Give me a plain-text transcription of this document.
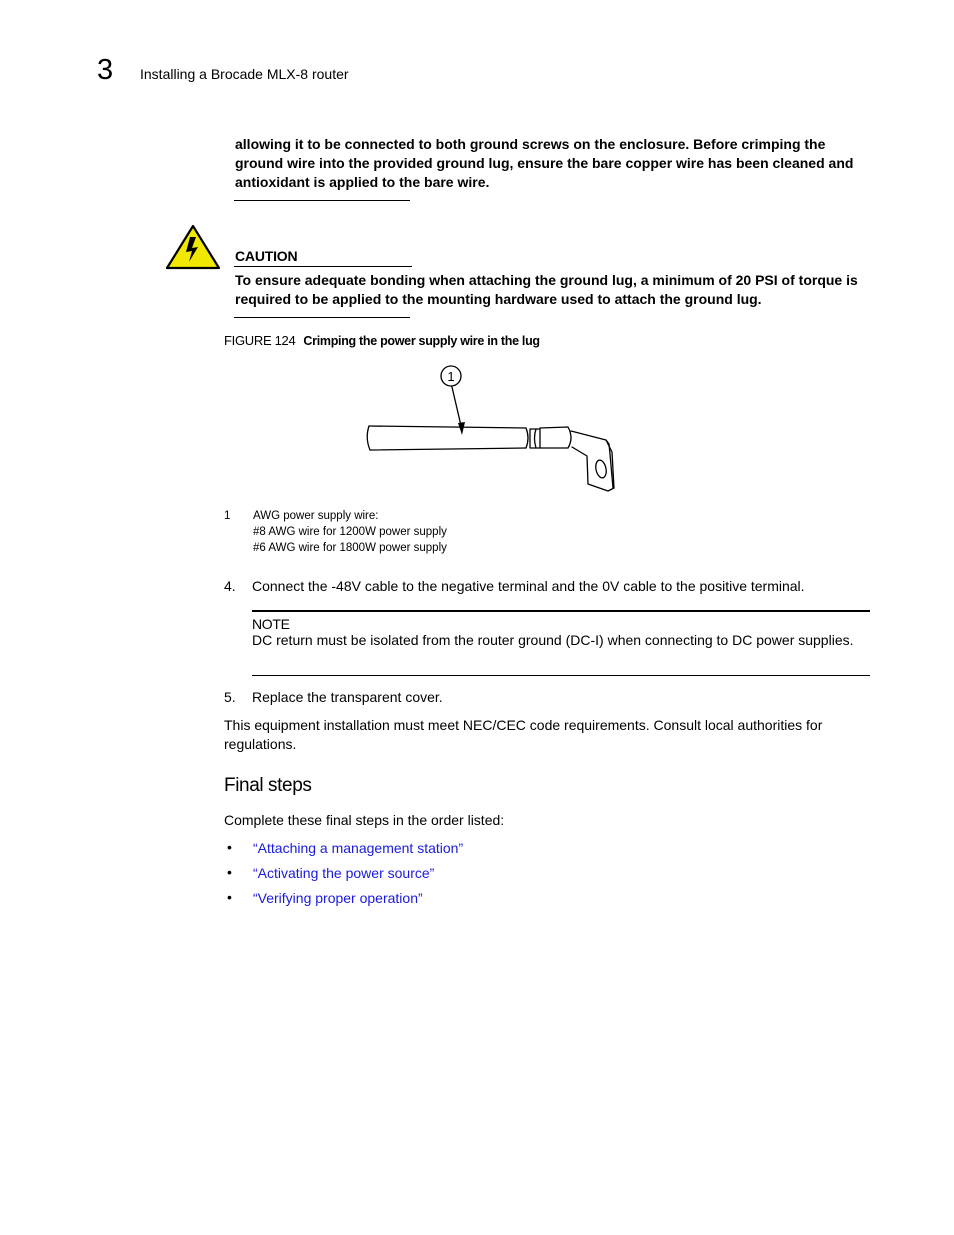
3 Installing a Brocade MLX-8 router
allowing it to be connected to both ground screws on the enclosure. Before crimping the ground wire into the provided ground lug, ensure the bare copper wire has been cleaned and antioxidant is applied to the bare wire.
CAUTION
To ensure adequate bonding when attaching the ground lug, a minimum of 20 PSI of torque is required to be applied to the mounting hardware used to attach the ground lug.
FIGURE 124 Crimping the power supply wire in the lug
1
1 AWG power supply wire:
#8 AWG wire for 1200W power supply
#6 AWG wire for 1800W power supply
4. Connect the -48V cable to the negative terminal and the 0V cable to the positive terminal.
NOTE
DC return must be isolated from the router ground (DC-I) when connecting to DC power supplies.
5. Replace the transparent cover.
This equipment installation must meet NEC/CEC code requirements. Consult local authorities for regulations.
Final steps
Complete these final steps in the order listed:
• “Attaching a management station”
• “Activating the power source”
• “Verifying proper operation”
